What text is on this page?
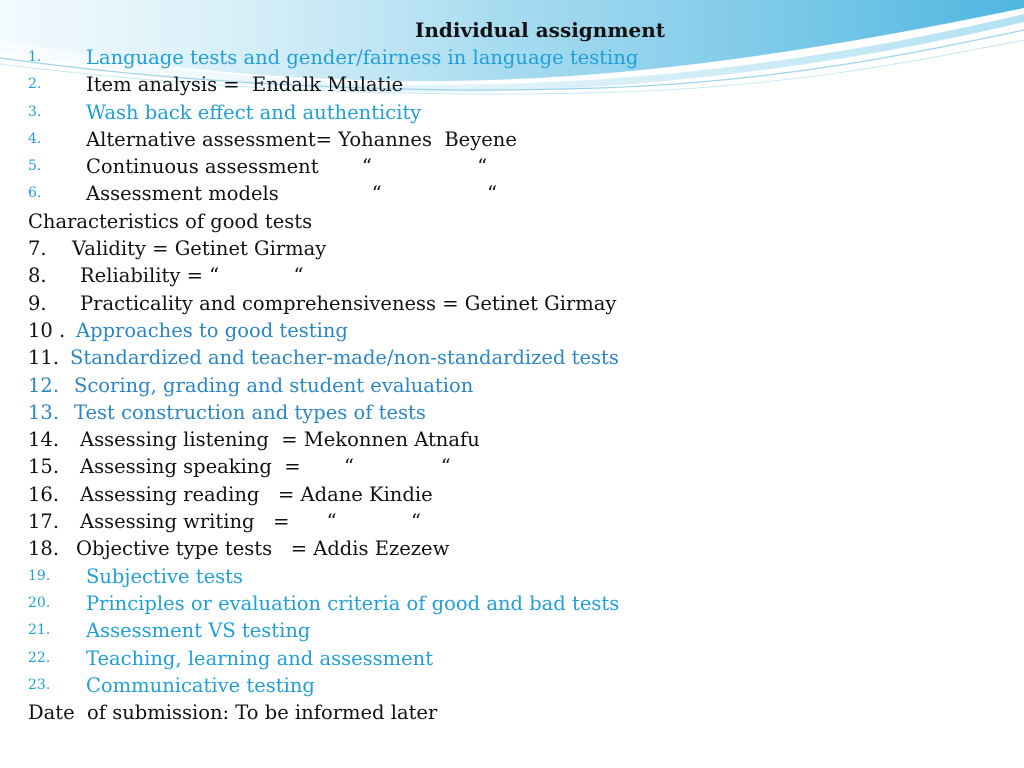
Individual assignment
1. Language tests and gender/fairness in language testing
2. Item analysis =  Endalk Mulatie
3. Wash back effect and authenticity
4. Alternative assessment= Yohannes  Beyene
5. Continuous assessment       “                 “
6. Assessment models               “                 “
Characteristics of good tests
7. Validity = Getinet Girmay
8. Reliability = “            “
9. Practicality and comprehensiveness = Getinet Girmay
10 . Approaches to good testing
11. Standardized and teacher-made/non-standardized tests
12. Scoring, grading and student evaluation
13. Test construction and types of tests
14. Assessing listening  = Mekonnen Atnafu
15. Assessing speaking  =       “              “
16. Assessing reading   = Adane Kindie
17. Assessing writing   =      “            “
18. Objective type tests   = Addis Ezezew
19. Subjective tests
20. Principles or evaluation criteria of good and bad tests
21. Assessment VS testing
22. Teaching, learning and assessment
23. Communicative testing
Date  of submission: To be informed later
